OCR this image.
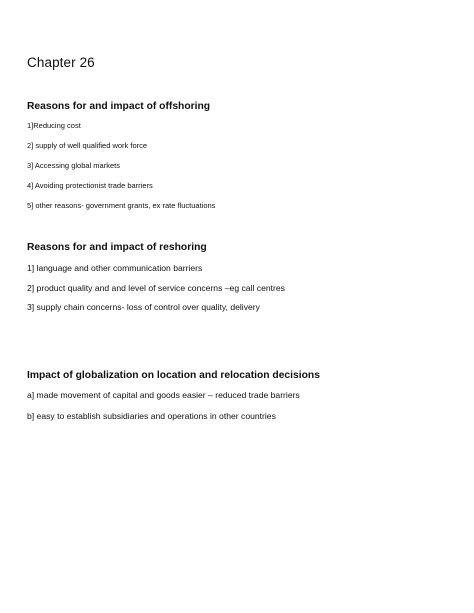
Chapter 26
Reasons for and impact of offshoring
1]Reducing cost
2] supply of well qualified work force
3] Accessing global markets
4] Avoiding protectionist trade barriers
5] other reasons- government grants, ex rate fluctuations
Reasons for and impact of reshoring
1] language and other communication barriers
2] product quality and and level of service concerns –eg call centres
3] supply chain concerns- loss of control over quality, delivery
Impact of globalization on location and relocation decisions
a] made movement of capital and goods easier – reduced trade barriers
b] easy to establish subsidiaries and operations in other countries
